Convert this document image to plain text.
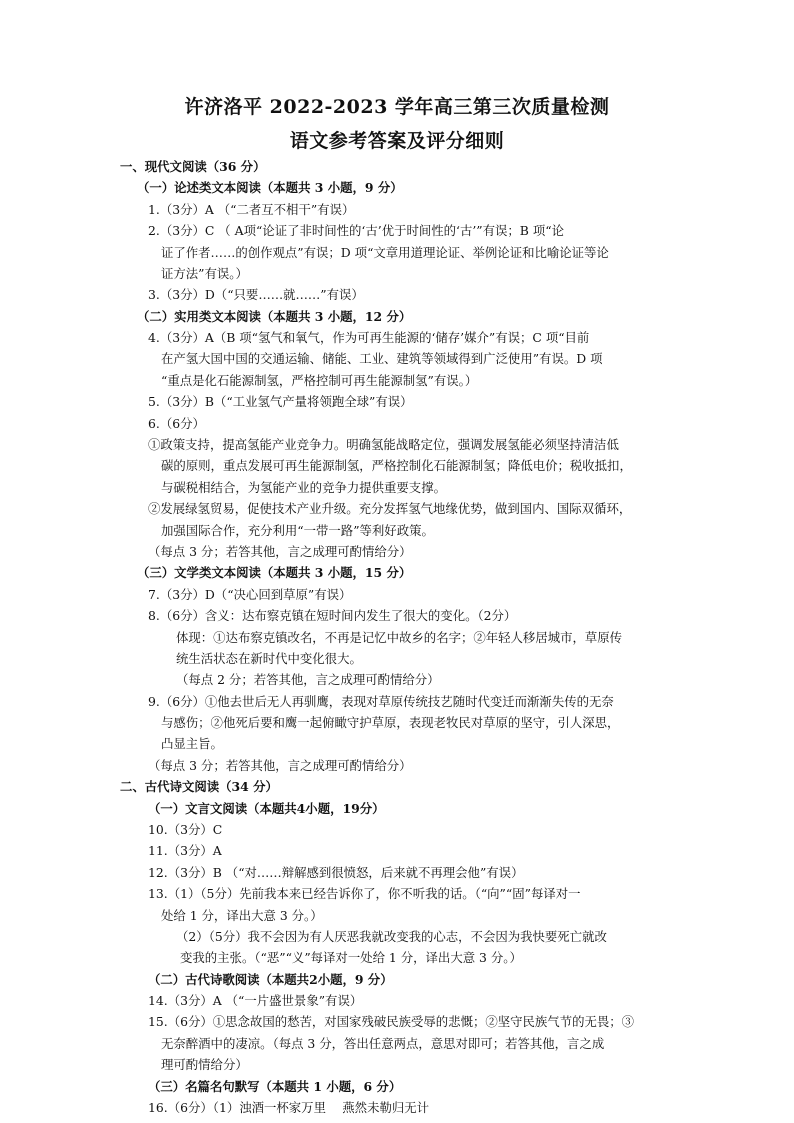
许济洛平 2022-2023 学年高三第三次质量检测
语文参考答案及评分细则
一、现代文阅读（36 分）
（一）论述类文本阅读（本题共 3 小题，9 分）
1.（3分）A （“二者互不相干”有误）
2.（3分）C （ A项“论证了非时间性的‘古’优于时间性的‘古’”有误；B 项“论
证了作者……的创作观点”有误；D 项“文章用道理论证、举例论证和比喻论证等论
证方法”有误。）
3.（3分）D（“只要……就……”有误）
（二）实用类文本阅读（本题共 3 小题，12 分）
4.（3分）A（B 项“氢气和氧气，作为可再生能源的‘储存’媒介”有误；C 项“目前
在产氢大国中国的交通运输、储能、工业、建筑等领域得到广泛使用”有误。D 项
“重点是化石能源制氢，严格控制可再生能源制氢”有误。）
5.（3分）B（“工业氢气产量将领跑全球”有误）
6.（6分）
①政策支持，提高氢能产业竞争力。明确氢能战略定位，强调发展氢能必须坚持清洁低
碳的原则，重点发展可再生能源制氢，严格控制化石能源制氢；降低电价；税收抵扣，
与碳税相结合，为氢能产业的竞争力提供重要支撑。
②发展绿氢贸易，促使技术产业升级。充分发挥氢气地缘优势，做到国内、国际双循环，
加强国际合作，充分利用“一带一路”等利好政策。
（每点 3 分；若答其他，言之成理可酌情给分）
（三）文学类文本阅读（本题共 3 小题，15 分）
7.（3分）D（“决心回到草原”有误）
8.（6分）含义：达布察克镇在短时间内发生了很大的变化。（2分）
体现：①达布察克镇改名，不再是记忆中故乡的名字；②年轻人移居城市，草原传
统生活状态在新时代中变化很大。
（每点 2 分；若答其他，言之成理可酌情给分）
9.（6分）①他去世后无人再驯鹰，表现对草原传统技艺随时代变迁而渐渐失传的无奈
与感伤；②他死后要和鹰一起俯瞰守护草原，表现老牧民对草原的坚守，引人深思，
凸显主旨。
（每点 3 分；若答其他，言之成理可酌情给分）
二、古代诗文阅读（34 分）
（一）文言文阅读（本题共4小题，19分）
10.（3分）C
11.（3分）A
12.（3分）B （“对……辩解感到很愤怒，后来就不再理会他”有误）
13.（1）（5分）先前我本来已经告诉你了，你不听我的话。（“向”“固”每译对一
处给 1 分，译出大意 3 分。）
（2）（5分）我不会因为有人厌恶我就改变我的心志，不会因为我快要死亡就改
变我的主张。（“恶”“义”每译对一处给 1 分，译出大意 3 分。）
（二）古代诗歌阅读（本题共2小题，9 分）
14.（3分）A （“一片盛世景象”有误）
15.（6分）①思念故国的愁苦，对国家残破民族受辱的悲慨；②坚守民族气节的无畏；③
无奈醉酒中的凄凉。（每点 3 分，答出任意两点，意思对即可；若答其他，言之成
理可酌情给分）
（三）名篇名句默写（本题共 1 小题，6 分）
16.（6分）（1）浊酒一杯家万里　 燕然未勒归无计
